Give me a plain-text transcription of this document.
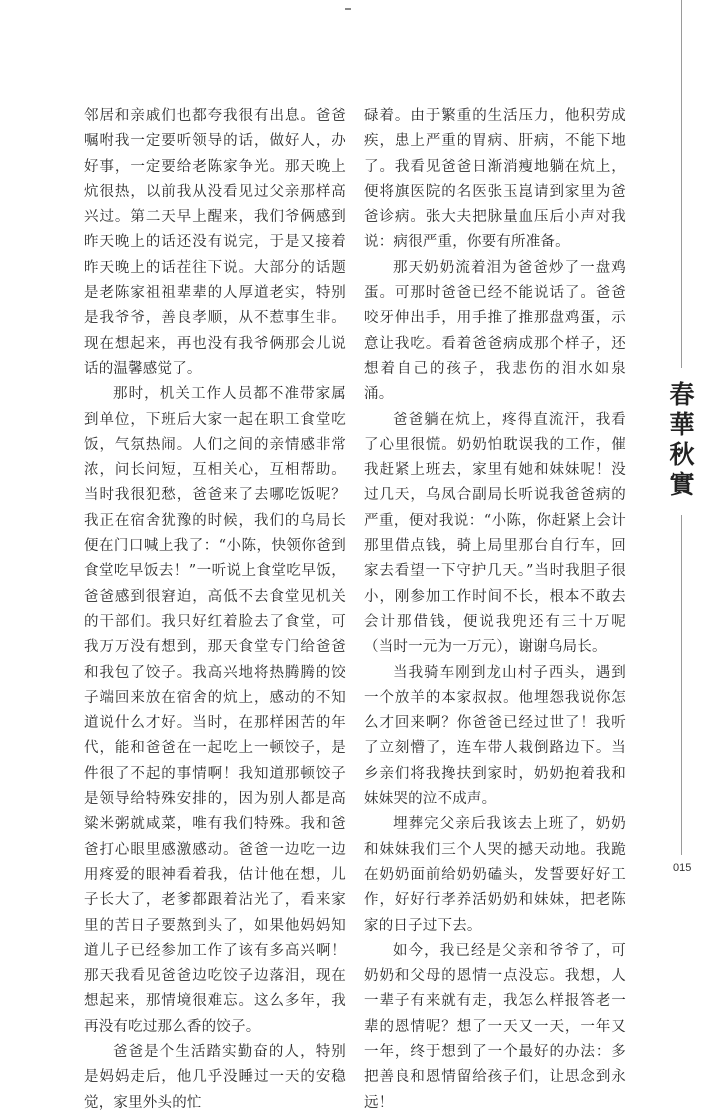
邻居和亲戚们也都夸我很有出息。爸爸嘱咐我一定要听领导的话，做好人，办好事，一定要给老陈家争光。那天晚上炕很热，以前我从没看见过父亲那样高兴过。第二天早上醒来，我们爷俩感到昨天晚上的话还没有说完，于是又接着昨天晚上的话茬往下说。大部分的话题是老陈家祖祖辈辈的人厚道老实，特别是我爷爷，善良孝顺，从不惹事生非。现在想起来，再也没有我爷俩那会儿说话的温馨感觉了。

那时，机关工作人员都不准带家属到单位，下班后大家一起在职工食堂吃饭，气氛热闹。人们之间的亲情感非常浓，问长问短，互相关心，互相帮助。当时我很犯愁，爸爸来了去哪吃饭呢？我正在宿舍犹豫的时候，我们的乌局长便在门口喊上我了：“小陈，快领你爸到食堂吃早饭去！”一听说上食堂吃早饭，爸爸感到很窘迫，高低不去食堂见机关的干部们。我只好红着脸去了食堂，可我万万没有想到，那天食堂专门给爸爸和我包了饺子。我高兴地将热腾腾的饺子端回来放在宿舍的炕上，感动的不知道说什么才好。当时，在那样困苦的年代，能和爸爸在一起吃上一顿饺子，是件很了不起的事情啊！我知道那顿饺子是领导给特殊安排的，因为别人都是高粱米粥就咸菜，唯有我们特殊。我和爸爸打心眼里感激感动。爸爸一边吃一边用疼爱的眼神看着我，估计他在想，儿子长大了，老爹都跟着沾光了，看来家里的苦日子要熬到头了，如果他妈妈知道儿子已经参加工作了该有多高兴啊！那天我看见爸爸边吃饺子边落泪，现在想起来，那情境很难忘。这么多年，我再没有吃过那么香的饺子。

爸爸是个生活踏实勤奋的人，特别是妈妈走后，他几乎没睡过一天的安稳觉，家里外头的忙

碌着。由于繁重的生活压力，他积劳成疾，患上严重的胃病、肝病，不能下地了。我看见爸爸日渐消瘦地躺在炕上，便将旗医院的名医张玉崑请到家里为爸爸诊病。张大夫把脉量血压后小声对我说：病很严重，你要有所准备。

那天奶奶流着泪为爸爸炒了一盘鸡蛋。可那时爸爸已经不能说话了。爸爸咬牙伸出手，用手推了推那盘鸡蛋，示意让我吃。看着爸爸病成那个样子，还想着自己的孩子，我悲伤的泪水如泉涌。

爸爸躺在炕上，疼得直流汗，我看了心里很慌。奶奶怕耽误我的工作，催我赶紧上班去，家里有她和妹妹呢！没过几天，乌凤合副局长听说我爸爸病的严重，便对我说：“小陈，你赶紧上会计那里借点钱，骑上局里那台自行车，回家去看望一下守护几天。”当时我胆子很小，刚参加工作时间不长，根本不敢去会计那借钱，便说我兜还有三十万呢（当时一元为一万元），谢谢乌局长。

当我骑车刚到龙山村子西头，遇到一个放羊的本家叔叔。他埋怨我说你怎么才回来啊？你爸爸已经过世了！我听了立刻懵了，连车带人栽倒路边下。当乡亲们将我搀扶到家时，奶奶抱着我和妹妹哭的泣不成声。

埋葬完父亲后我该去上班了，奶奶和妹妹我们三个人哭的撼天动地。我跪在奶奶面前给奶奶磕头，发誓要好好工作，好好行孝养活奶奶和妹妹，把老陈家的日子过下去。

如今，我已经是父亲和爷爷了，可奶奶和父母的恩情一点没忘。我想，人一辈子有来就有走，我怎么样报答老一辈的恩情呢？想了一天又一天，一年又一年，终于想到了一个最好的办法：多把善良和恩情留给孩子们，让思念到永远！

春
華
秋
實
015
